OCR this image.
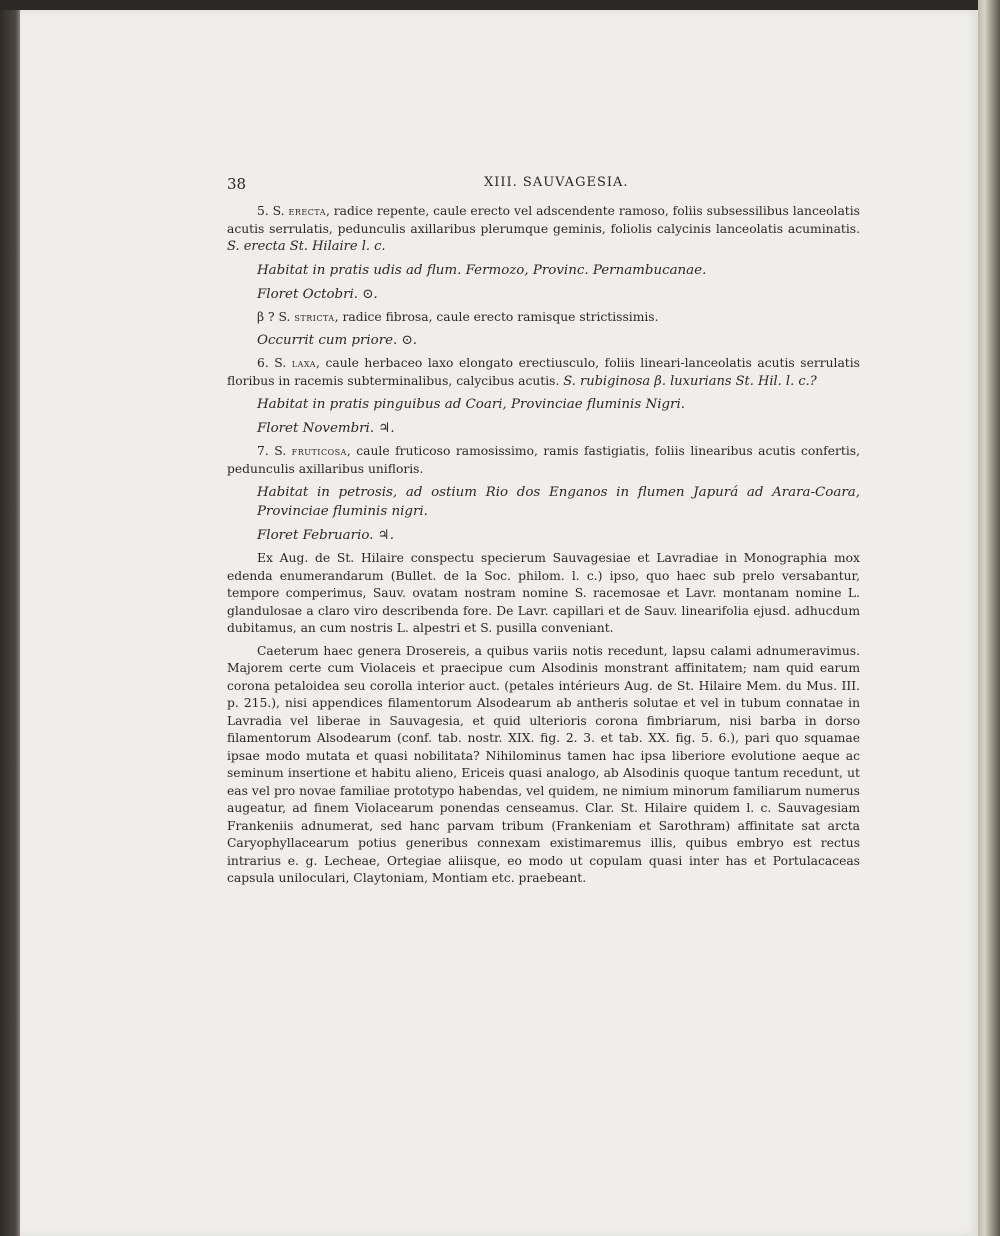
38	XIII. SAUVAGESIA.

5. S. erecta, radice repente, caule erecto vel adscendente ramoso, foliis subsessilibus lanceolatis acutis serrulatis, pedunculis axillaribus plerumque geminis, foliolis calycinis lanceolatis acuminatis. S. erecta St. Hilaire l. c.

Habitat in pratis udis ad flum. Fermozo, Provinc. Pernambucanae.

Floret Octobri. ⊙.

β ? S. stricta, radice fibrosa, caule erecto ramisque strictissimis.

Occurrit cum priore. ⊙.

6. S. laxa, caule herbaceo laxo elongato erectiusculo, foliis lineari-lanceolatis acutis serrulatis floribus in racemis subterminalibus, calycibus acutis. S. rubiginosa β. luxurians St. Hil. l. c.?

Habitat in pratis pinguibus ad Coari, Provinciae fluminis Nigri.

Floret Novembri. ♃.

7. S. fruticosa, caule fruticoso ramosissimo, ramis fastigiatis, foliis linearibus acutis confertis, pedunculis axillaribus unifloris.

Habitat in petrosis, ad ostium Rio dos Enganos in flumen Japurá ad Arara-Coara, Provinciae fluminis nigri.

Floret Februario. ♃.

Ex Aug. de St. Hilaire conspectu specierum Sauvagesiae et Lavradiae in Monographia mox edenda enumerandarum (Bullet. de la Soc. philom. l. c.) ipso, quo haec sub prelo versabantur, tempore comperimus, Sauv. ovatam nostram nomine S. racemosae et Lavr. montanam nomine L. glandulosae a claro viro describenda fore. De Lavr. capillari et de Sauv. linearifolia ejusd. adhucdum dubitamus, an cum nostris L. alpestri et S. pusilla conveniant.

Caeterum haec genera Drosereis, a quibus variis notis recedunt, lapsu calami adnumeravimus. Majorem certe cum Violaceis et praecipue cum Alsodinis monstrant affinitatem; nam quid earum corona petaloidea seu corolla interior auct. (petales intérieurs Aug. de St. Hilaire Mem. du Mus. III. p. 215.), nisi appendices filamentorum Alsodearum ab antheris solutae et vel in tubum connatae in Lavradia vel liberae in Sauvagesia, et quid ulterioris corona fimbriarum, nisi barba in dorso filamentorum Alsodearum (conf. tab. nostr. XIX. fig. 2. 3. et tab. XX. fig. 5. 6.), pari quo squamae ipsae modo mutata et quasi nobilitata? Nihilominus tamen hac ipsa liberiore evolutione aeque ac seminum insertione et habitu alieno, Ericeis quasi analogo, ab Alsodinis quoque tantum recedunt, ut eas vel pro novae familiae prototypo habendas, vel quidem, ne nimium minorum familiarum numerus augeatur, ad finem Violacearum ponendas censeamus. Clar. St. Hilaire quidem l. c. Sauvagesiam Frankeniis adnumerat, sed hanc parvam tribum (Frankeniam et Sarothram) affinitate sat arcta Caryophyllacearum potius generibus connexam existimaremus illis, quibus embryo est rectus intrarius e. g. Lecheae, Ortegiae aliisque, eo modo ut copulam quasi inter has et Portulacaceas capsula uniloculari, Claytoniam, Montiam etc. praebeant.
